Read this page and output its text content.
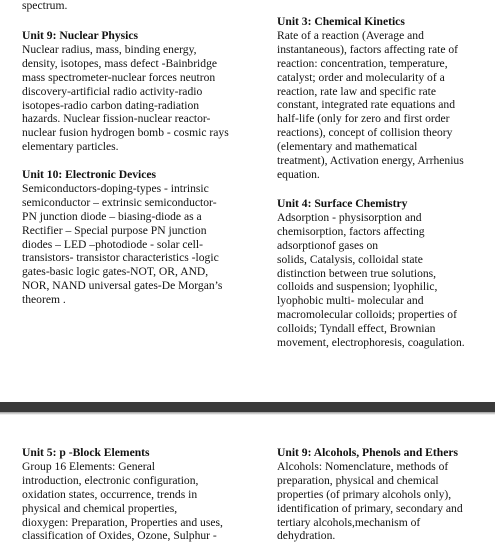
spectrum.

Unit 9: Nuclear Physics

Nuclear radius, mass, binding energy,
density, isotopes, mass defect -Bainbridge
mass spectrometer-nuclear forces neutron
discovery-artificial radio activity-radio
isotopes-radio carbon dating-radiation
hazards. Nuclear fission-nuclear reactor-
nuclear fusion hydrogen bomb - cosmic rays
elementary particles.

Unit 10: Electronic Devices

Semiconductors-doping-types - intrinsic
semiconductor – extrinsic semiconductor-
PN junction diode – biasing-diode as a
Rectifier – Special purpose PN junction
diodes – LED –photodiode - solar cell-
transistors- transistor characteristics -logic
gates-basic logic gates-NOT, OR, AND,
NOR, NAND universal gates-De Morgan’s
theorem .

Unit 3: Chemical Kinetics

Rate of a reaction (Average and
instantaneous), factors affecting rate of
reaction: concentration, temperature,
catalyst; order and molecularity of a
reaction, rate law and specific rate
constant, integrated rate equations and
half-life (only for zero and first order
reactions), concept of collision theory
(elementary and mathematical
treatment), Activation energy, Arrhenius
equation.

Unit 4: Surface Chemistry

Adsorption - physisorption and
chemisorption, factors affecting
adsorptionof gases on
solids, Catalysis, colloidal state
distinction between true solutions,
colloids and suspension; lyophilic,
lyophobic multi- molecular and
macromolecular colloids; properties of
colloids; Tyndall effect, Brownian
movement, electrophoresis, coagulation.

Unit 5: p -Block Elements

Group 16 Elements: General
introduction, electronic configuration,
oxidation states, occurrence, trends in
physical and chemical properties,
dioxygen: Preparation, Properties and uses,
classification of Oxides, Ozone, Sulphur -

Unit 9: Alcohols, Phenols and Ethers

Alcohols: Nomenclature, methods of
preparation, physical and chemical
properties (of primary alcohols only),
identification of primary, secondary and
tertiary alcohols,mechanism of
dehydration.
